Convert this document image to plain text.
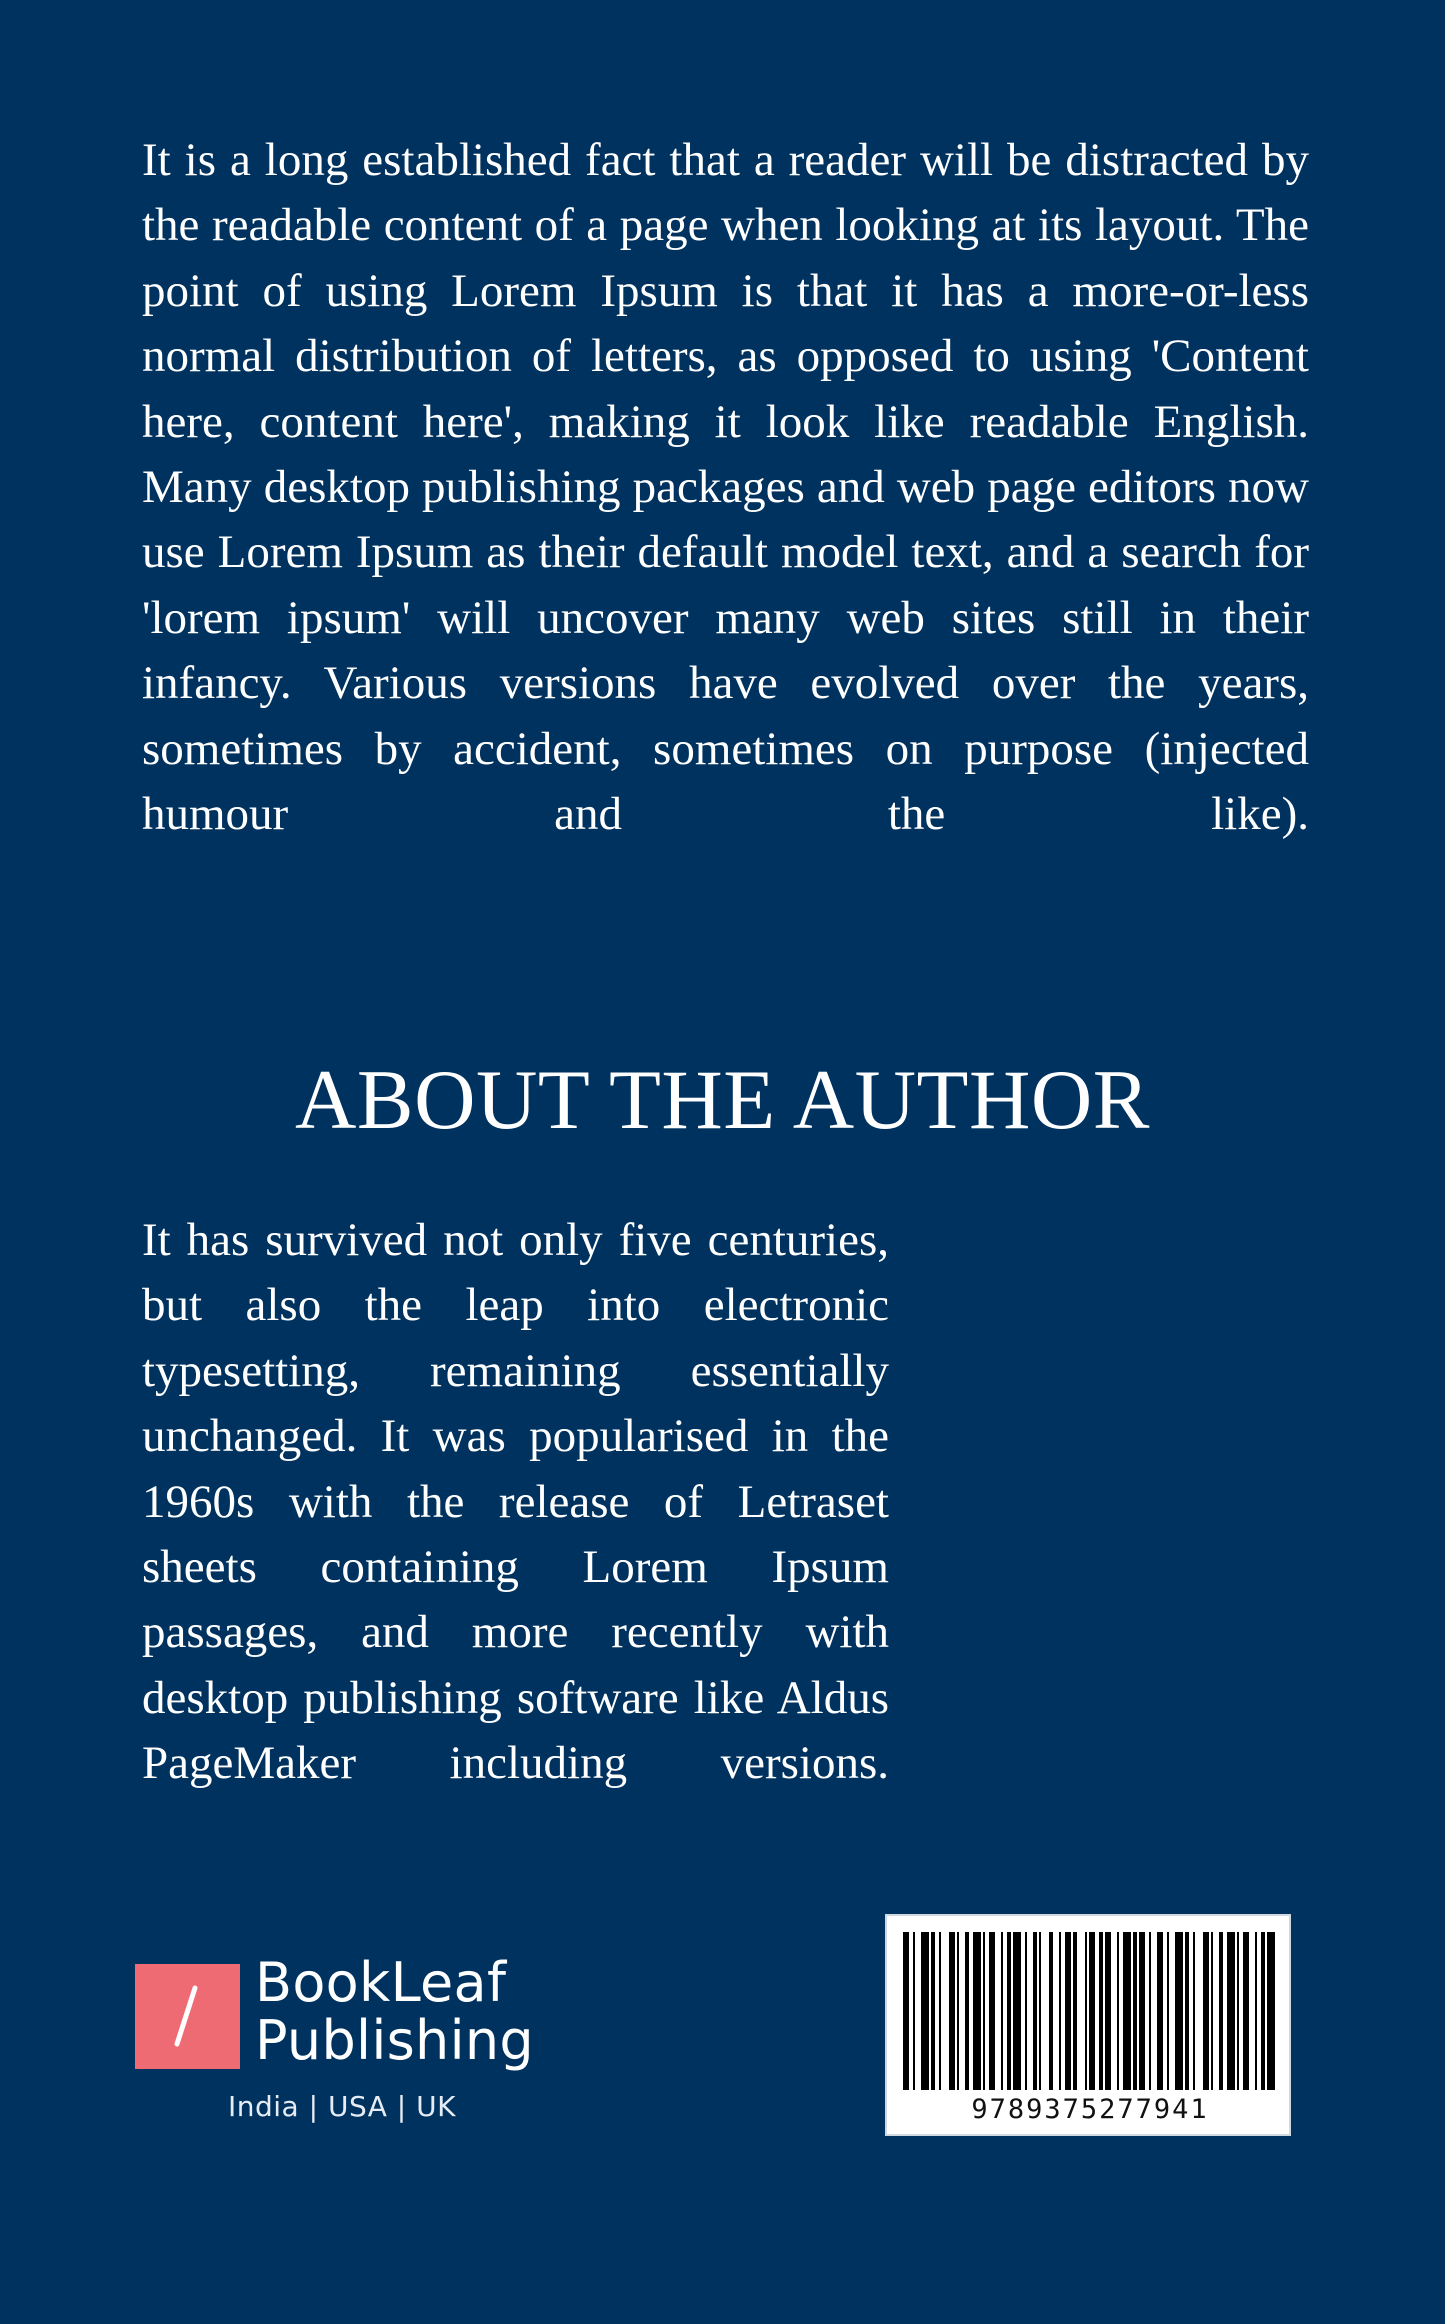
It is a long established fact that a reader will be distracted by the readable content of a page when looking at its layout. The point of using Lorem Ipsum is that it has a more-or-less normal distribution of letters, as opposed to using 'Content here, content here', making it look like readable English. Many desktop publishing packages and web page editors now use Lorem Ipsum as their default model text, and a search for 'lorem ipsum' will uncover many web sites still in their infancy. Various versions have evolved over the years, sometimes by accident, sometimes on purpose (injected humour and the like).

ABOUT THE AUTHOR

It has survived not only five centuries, but also the leap into electronic typesetting, remaining essentially unchanged. It was popularised in the 1960s with the release of Letraset sheets containing Lorem Ipsum passages, and more recently with desktop publishing software like Aldus PageMaker including versions.

BookLeaf
Publishing
India | USA | UK	9789375277941
